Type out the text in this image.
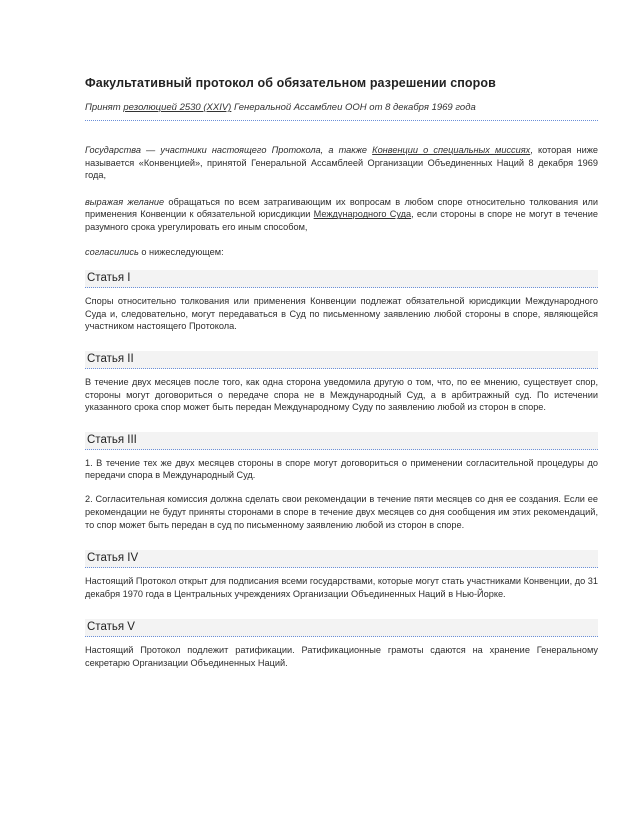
Факультативный протокол об обязательном разрешении споров
Принят резолюцией 2530 (XXIV) Генеральной Ассамблеи ООН от 8 декабря 1969 года

Государства — участники настоящего Протокола, а также Конвенции о специальных миссиях, которая ниже называется «Конвенцией», принятой Генеральной Ассамблеей Организации Объединенных Наций 8 декабря 1969 года,

выражая желание обращаться по всем затрагивающим их вопросам в любом споре относительно толкования или применения Конвенции к обязательной юрисдикции Международного Суда, если стороны в споре не могут в течение разумного срока урегулировать его иным способом,

согласились о нижеследующем:

Статья I

Споры относительно толкования или применения Конвенции подлежат обязательной юрисдикции Международного Суда и, следовательно, могут передаваться в Суд по письменному заявлению любой стороны в споре, являющейся участником настоящего Протокола.

Статья II

В течение двух месяцев после того, как одна сторона уведомила другую о том, что, по ее мнению, существует спор, стороны могут договориться о передаче спора не в Международный Суд, а в арбитражный суд. По истечении указанного срока спор может быть передан Международному Суду по заявлению любой из сторон в споре.

Статья III

1. В течение тех же двух месяцев стороны в споре могут договориться о применении согласительной процедуры до передачи спора в Международный Суд.

2. Согласительная комиссия должна сделать свои рекомендации в течение пяти месяцев со дня ее создания. Если ее рекомендации не будут приняты сторонами в споре в течение двух месяцев со дня сообщения им этих рекомендаций, то спор может быть передан в суд по письменному заявлению любой из сторон в споре.

Статья IV

Настоящий Протокол открыт для подписания всеми государствами, которые могут стать участниками Конвенции, до 31 декабря 1970 года в Центральных учреждениях Организации Объединенных Наций в Нью-Йорке.

Статья V

Настоящий Протокол подлежит ратификации. Ратификационные грамоты сдаются на хранение Генеральному секретарю Организации Объединенных Наций.
